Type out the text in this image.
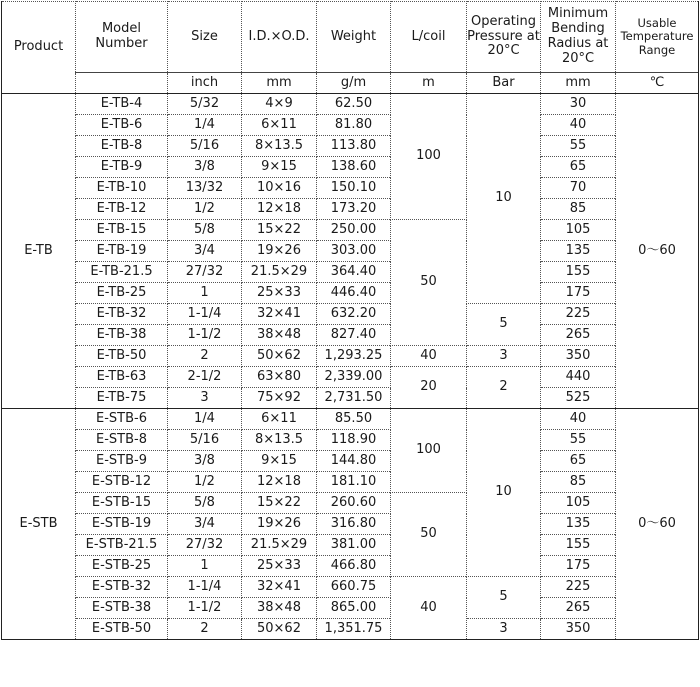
Product	Model Number	Size	I.D.×O.D.	Weight	L/coil	Operating Pressure at 20°C	Minimum Bending Radius at 20°C	Usable Temperature Range
		inch	mm	g/m	m	Bar	mm	℃
E-TB	E-TB-4	5/32	4×9	62.50	100	10	30	0～60
	E-TB-6	1/4	6×11	81.80			40	
	E-TB-8	5/16	8×13.5	113.80			55	
	E-TB-9	3/8	9×15	138.60			65	
	E-TB-10	13/32	10×16	150.10			70	
	E-TB-12	1/2	12×18	173.20			85	
	E-TB-15	5/8	15×22	250.00	50		105	
	E-TB-19	3/4	19×26	303.00			135	
	E-TB-21.5	27/32	21.5×29	364.40			155	
	E-TB-25	1	25×33	446.40			175	
	E-TB-32	1-1/4	32×41	632.20		5	225	
	E-TB-38	1-1/2	38×48	827.40			265	
	E-TB-50	2	50×62	1,293.25	40	3	350	
	E-TB-63	2-1/2	63×80	2,339.00	20	2	440	
	E-TB-75	3	75×92	2,731.50			525	
E-STB	E-STB-6	1/4	6×11	85.50	100	10	40	0～60
	E-STB-8	5/16	8×13.5	118.90			55	
	E-STB-9	3/8	9×15	144.80			65	
	E-STB-12	1/2	12×18	181.10			85	
	E-STB-15	5/8	15×22	260.60	50		105	
	E-STB-19	3/4	19×26	316.80			135	
	E-STB-21.5	27/32	21.5×29	381.00			155	
	E-STB-25	1	25×33	466.80			175	
	E-STB-32	1-1/4	32×41	660.75	40	5	225	
	E-STB-38	1-1/2	38×48	865.00			265	
	E-STB-50	2	50×62	1,351.75		3	350	
